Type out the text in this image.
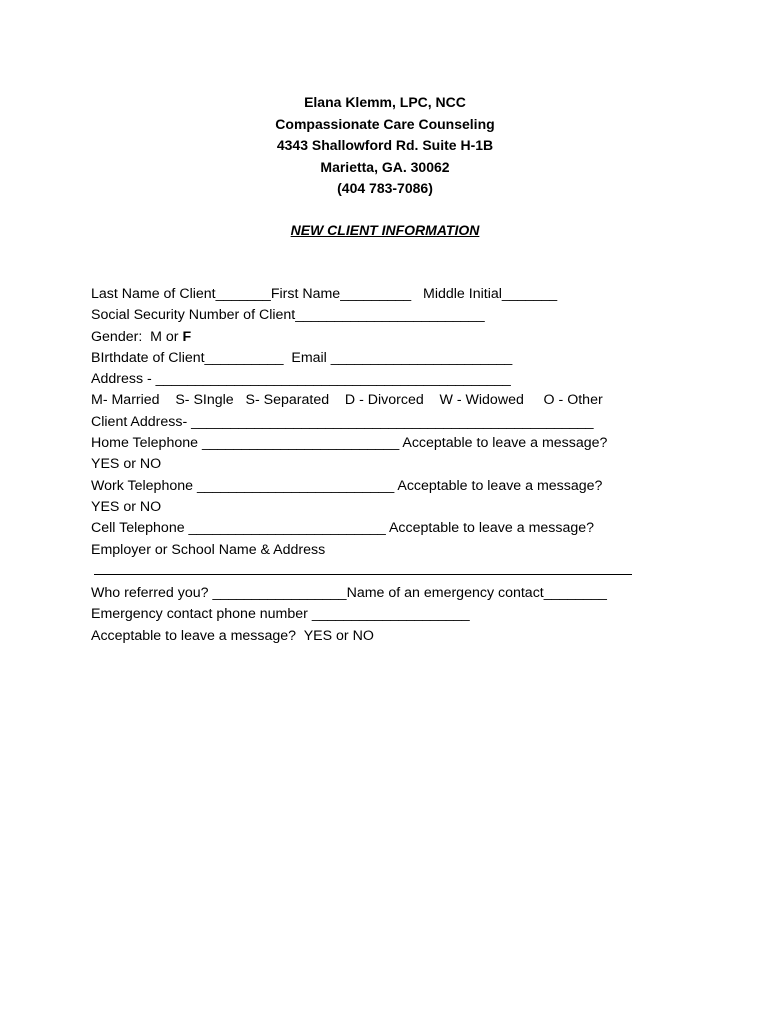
Elana Klemm, LPC, NCC
Compassionate Care Counseling
4343 Shallowford Rd. Suite H-1B
Marietta, GA. 30062
(404 783-7086)
NEW CLIENT INFORMATION
Last Name of Client_______First Name_________   Middle Initial_______
Social Security Number of Client________________________
Gender:  M or F
BIrthdate of Client__________  Email _______________________
Address - _____________________________________________
M- Married    S- SIngle   S- Separated    D - Divorced    W - Widowed     O - Other
Client Address- ___________________________________________________
Home Telephone _________________________ Acceptable to leave a message?
YES or NO
Work Telephone _________________________ Acceptable to leave a message?
YES or NO
Cell Telephone _________________________ Acceptable to leave a message?
Employer or School Name & Address
Who referred you? _________________Name of an emergency contact________
Emergency contact phone number ____________________
Acceptable to leave a message?  YES or NO
